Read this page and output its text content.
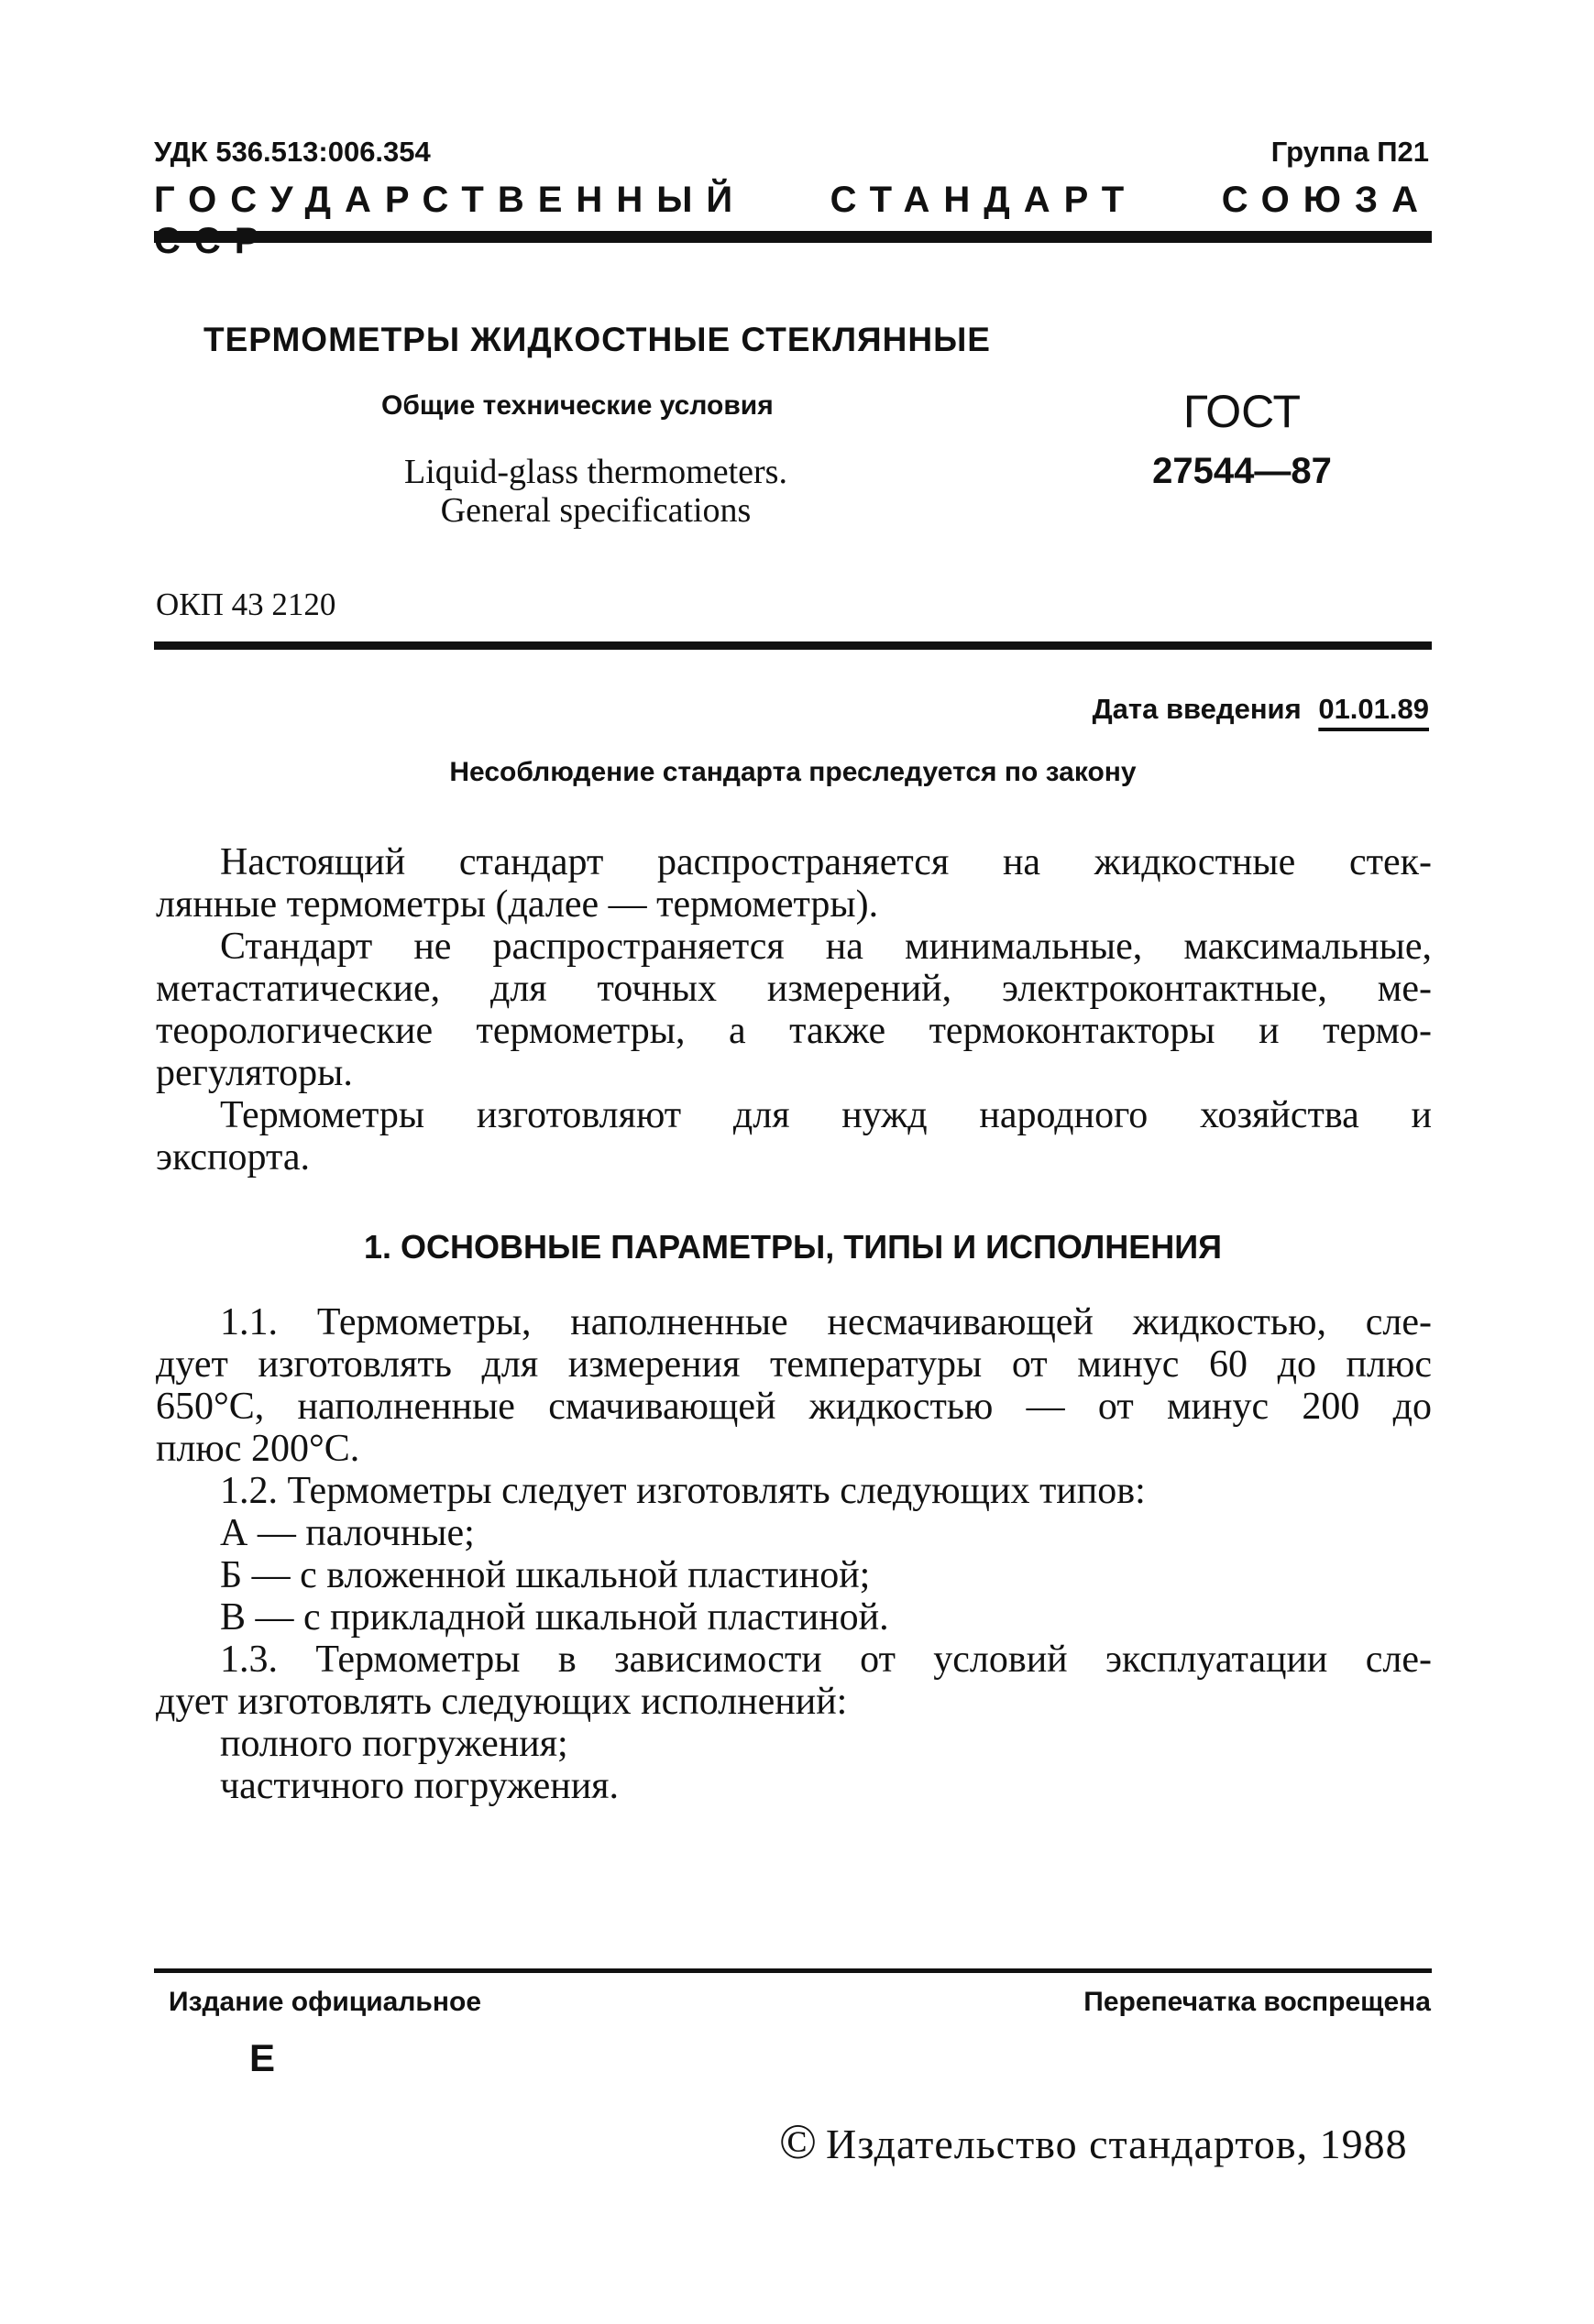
УДК 536.513:006.354	Группа П21
ГОСУДАРСТВЕННЫЙ СТАНДАРТ СОЮЗА
ТЕРМОМЕТРЫ ЖИДКОСТНЫЕ СТЕКЛЯННЫЕ
Общие технические условия
Liquid-glass thermometers.
General specifications
ГОСТ
27544—87
ОКП 43 2120
Дата введения 01.01.89
Несоблюдение стандарта преследуется по закону
Настоящий стандарт распространяется на жидкостные стек-
лянные термометры (далее — термометры).
Стандарт не распространяется на минимальные, максимальные,
метастатические, для точных измерений, электроконтактные, ме-
теорологические термометры, а также термоконтакторы и термо-
регуляторы.
Термометры изготовляют для нужд народного хозяйства и
экспорта.
1. ОСНОВНЫЕ ПАРАМЕТРЫ, ТИПЫ И ИСПОЛНЕНИЯ
1.1. Термометры, наполненные несмачивающей жидкостью, сле-
дует изготовлять для измерения температуры от минус 60 до плюс
650°С, наполненные смачивающей жидкостью — от минус 200 до
плюс 200°С.
1.2. Термометры следует изготовлять следующих типов:
А — палочные;
Б — с вложенной шкальной пластиной;
В — с прикладной шкальной пластиной.
1.3. Термометры в зависимости от условий эксплуатации сле-
дует изготовлять следующих исполнений:
полного погружения;
частичного погружения.
Издание официальное	Перепечатка воспрещена
Е
© Издательство стандартов, 1988
